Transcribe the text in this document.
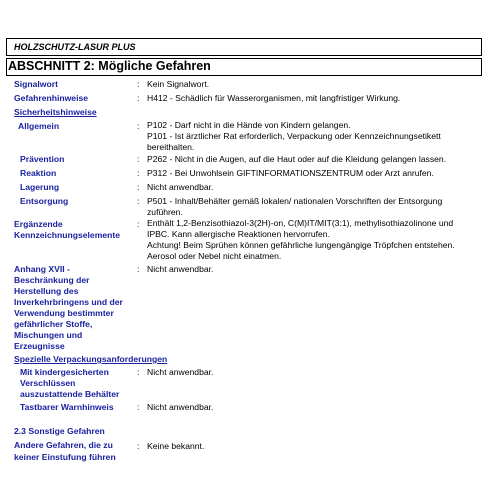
HOLZSCHUTZ-LASUR PLUS
ABSCHNITT 2: Mögliche Gefahren
Signalwort	: Kein Signalwort.
Gefahrenhinweise	: H412 - Schädlich für Wasserorganismen, mit langfristiger Wirkung.
Sicherheitshinweise
Allgemein	: P102 - Darf nicht in die Hände von Kindern gelangen.
P101 - Ist ärztlicher Rat erforderlich, Verpackung oder Kennzeichnungsetikett
bereithalten.
Prävention	: P262 - Nicht in die Augen, auf die Haut oder auf die Kleidung gelangen lassen.
Reaktion	: P312 - Bei Unwohlsein GIFTINFORMATIONSZENTRUM oder Arzt anrufen.
Lagerung	: Nicht anwendbar.
Entsorgung	: P501 - Inhalt/Behälter gemäß lokalen/ nationalen Vorschriften der Entsorgung
zuführen.
Ergänzende
Kennzeichnungselemente
: Enthält 1,2-Benzisothiazol-3(2H)-on, C(M)IT/MIT(3:1), methylisothiazolinone und
IPBC. Kann allergische Reaktionen hervorrufen.
Achtung! Beim Sprühen können gefährliche lungengängige Tröpfchen entstehen.
Aerosol oder Nebel nicht einatmen.
Anhang XVII -
Beschränkung der
Herstellung des
Inverkehrbringens und der
Verwendung bestimmter
gefährlicher Stoffe,
Mischungen und
Erzeugnisse
: Nicht anwendbar.
Spezielle Verpackungsanforderungen
Mit kindergesicherten
Verschlüssen
auszustattende Behälter
: Nicht anwendbar.
Tastbarer Warnhinweis	: Nicht anwendbar.
2.3 Sonstige Gefahren
Andere Gefahren, die zu
keiner Einstufung führen
: Keine bekannt.
